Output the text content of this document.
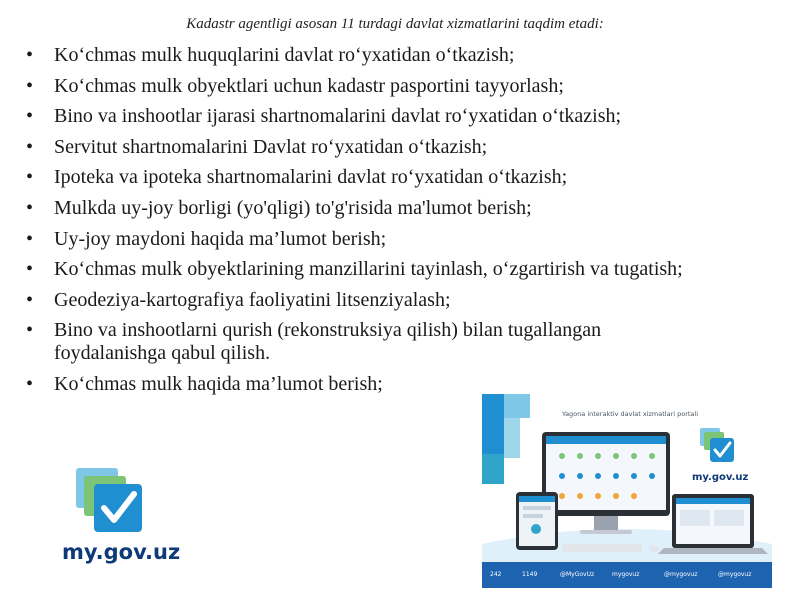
Kadastr agentligi asosan 11 turdagi davlat xizmatlarini taqdim etadi:
• Koʻchmas mulk huquqlarini davlat roʻyxatidan oʻtkazish;
• Koʻchmas mulk obyektlari uchun kadastr pasportini tayyorlash;
• Bino va inshootlar ijarasi shartnomalarini davlat roʻyxatidan oʻtkazish;
• Servitut shartnomalarini Davlat roʻyxatidan oʻtkazish;
• Ipoteka va ipoteka shartnomalarini davlat roʻyxatidan oʻtkazish;
• Mulkda uy-joy borligi (yo'qligi) to'g'risida ma'lumot berish;
• Uy-joy maydoni haqida ma’lumot berish;
• Koʻchmas mulk obyektlarining manzillarini tayinlash, oʻzgartirish va tugatish;
• Geodeziya-kartografiya faoliyatini litsenziyalash;
• Bino va inshootlarni qurish (rekonstruksiya qilish) bilan tugallangan foydalanishga qabul qilish.
• Koʻchmas mulk haqida ma’lumot berish;
my.gov.uz
Yagona interaktiv davlat xizmatlari portali
my.gov.uz
242	1149	@MyGovUz	mygovuz	@mygovuz	@mygovuz
